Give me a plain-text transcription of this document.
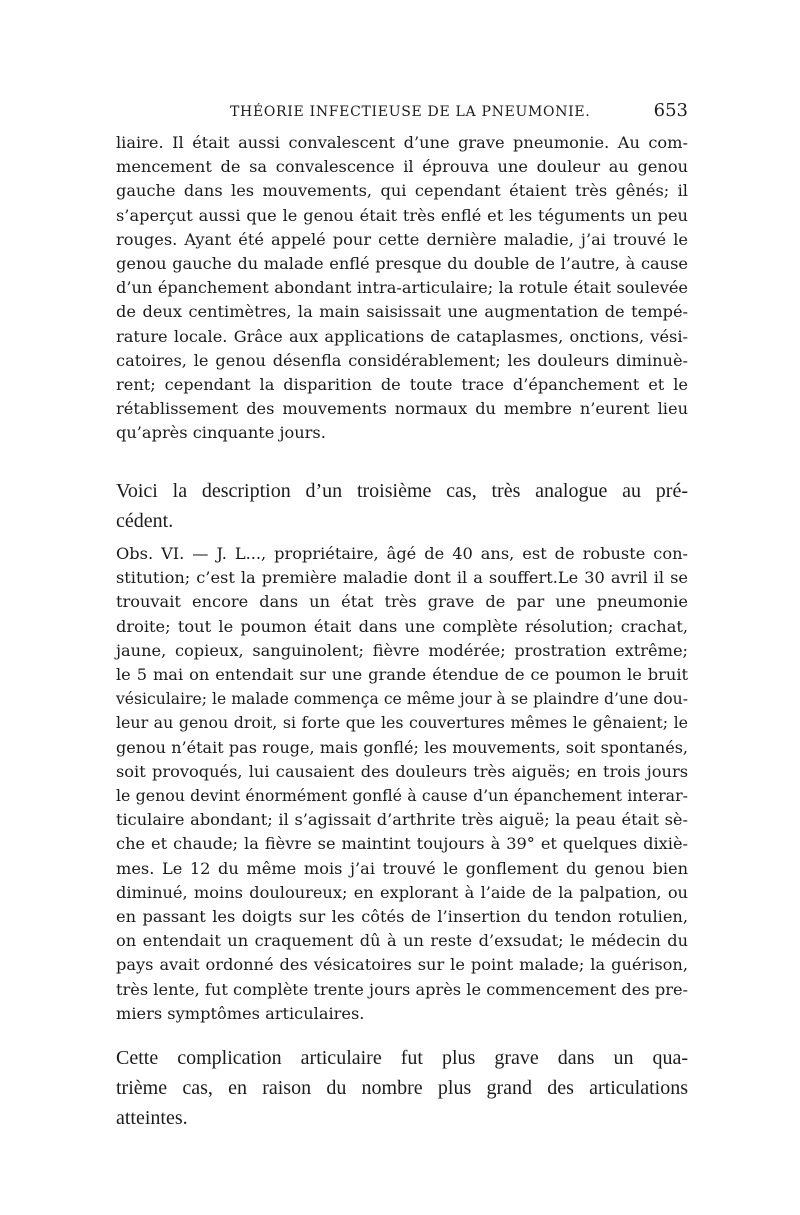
THÉORIE INFECTIEUSE DE LA PNEUMONIE.	653
liaire. Il était aussi convalescent d’une grave pneumonie. Au com-
mencement de sa convalescence il éprouva une douleur au genou
gauche dans les mouvements, qui cependant étaient très gênés; il
s’aperçut aussi que le genou était très enflé et les téguments un peu
rouges. Ayant été appelé pour cette dernière maladie, j’ai trouvé le
genou gauche du malade enflé presque du double de l’autre, à cause
d’un épanchement abondant intra-articulaire; la rotule était soulevée
de deux centimètres, la main saisissait une augmentation de tempé-
rature locale. Grâce aux applications de cataplasmes, onctions, vési-
catoires, le genou désenfla considérablement; les douleurs diminuè-
rent; cependant la disparition de toute trace d’épanchement et le
rétablissement des mouvements normaux du membre n’eurent lieu
qu’après cinquante jours.
Voici la description d’un troisième cas, très analogue au pré-
cédent.
Obs. VI. — J. L..., propriétaire, âgé de 40 ans, est de robuste con-
stitution; c’est la première maladie dont il a souffert.Le 30 avril il se
trouvait encore dans un état très grave de par une pneumonie
droite; tout le poumon était dans une complète résolution; crachat,
jaune, copieux, sanguinolent; fièvre modérée; prostration extrême;
le 5 mai on entendait sur une grande étendue de ce poumon le bruit
vésiculaire; le malade commença ce même jour à se plaindre d’une dou-
leur au genou droit, si forte que les couvertures mêmes le gênaient; le
genou n’était pas rouge, mais gonflé; les mouvements, soit spontanés,
soit provoqués, lui causaient des douleurs très aiguës; en trois jours
le genou devint énormément gonflé à cause d’un épanchement interar-
ticulaire abondant; il s’agissait d’arthrite très aiguë; la peau était sè-
che et chaude; la fièvre se maintint toujours à 39° et quelques dixiè-
mes. Le 12 du même mois j’ai trouvé le gonflement du genou bien
diminué, moins douloureux; en explorant à l’aide de la palpation, ou
en passant les doigts sur les côtés de l’insertion du tendon rotulien,
on entendait un craquement dû à un reste d’exsudat; le médecin du
pays avait ordonné des vésicatoires sur le point malade; la guérison,
très lente, fut complète trente jours après le commencement des pre-
miers symptômes articulaires.
Cette complication articulaire fut plus grave dans un qua-
trième cas, en raison du nombre plus grand des articulations
atteintes.
